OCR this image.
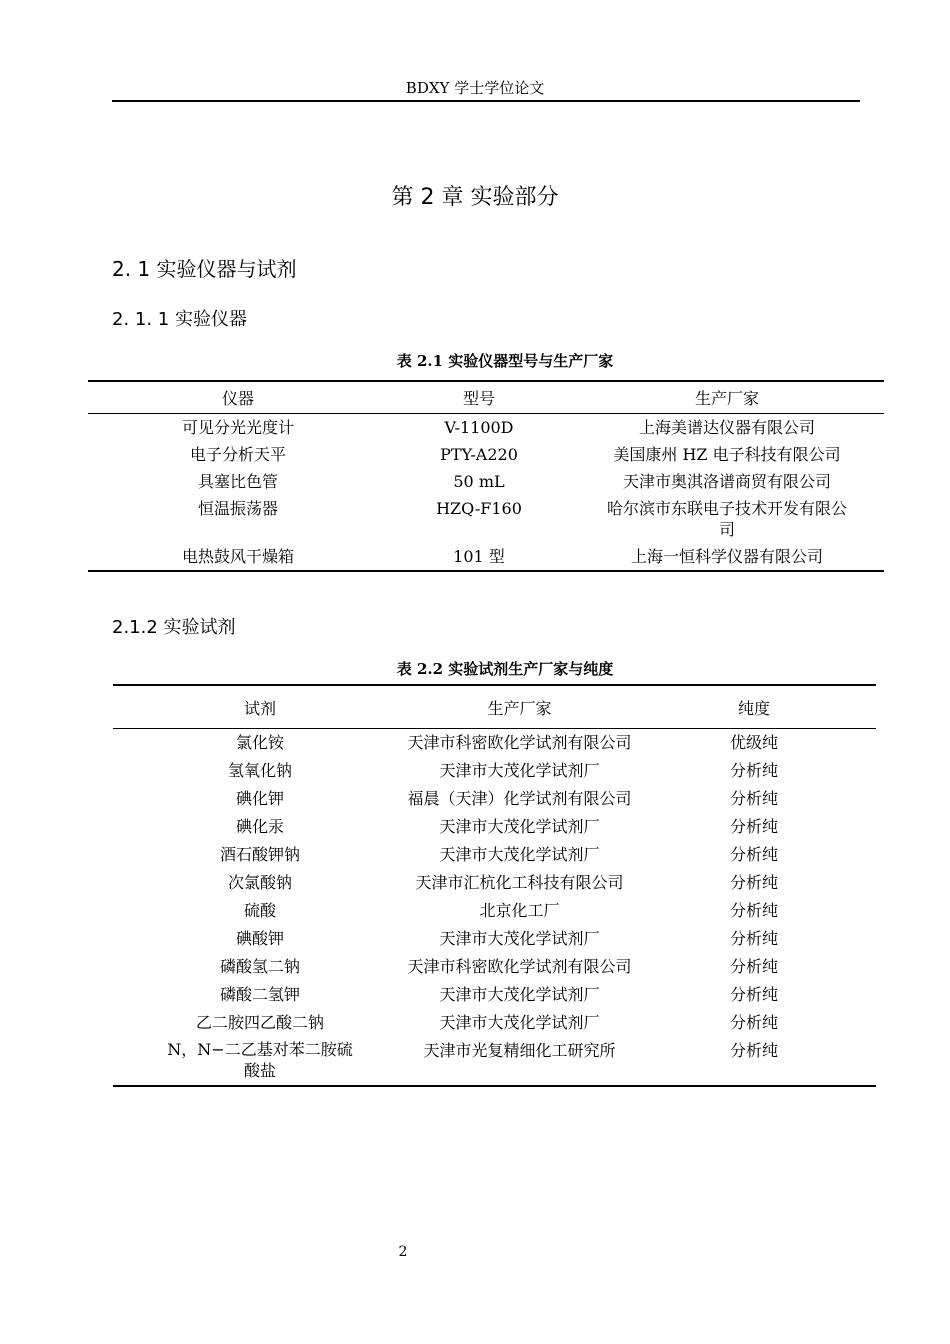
BDXY 学士学位论文
第 2 章 实验部分
2. 1 实验仪器与试剂
2. 1. 1 实验仪器
表 2.1 实验仪器型号与生产厂家
仪器	型号	生产厂家
可见分光光度计	V-1100D	上海美谱达仪器有限公司
电子分析天平	PTY-A220	美国康州 HZ 电子科技有限公司
具塞比色管	50 mL	天津市奥淇洛谱商贸有限公司
恒温振荡器	HZQ-F160	哈尔滨市东联电子技术开发有限公司
电热鼓风干燥箱	101 型	上海一恒科学仪器有限公司
2.1.2 实验试剂
表 2.2 实验试剂生产厂家与纯度
试剂	生产厂家	纯度
氯化铵	天津市科密欧化学试剂有限公司	优级纯
氢氧化钠	天津市大茂化学试剂厂	分析纯
碘化钾	福晨（天津）化学试剂有限公司	分析纯
碘化汞	天津市大茂化学试剂厂	分析纯
酒石酸钾钠	天津市大茂化学试剂厂	分析纯
次氯酸钠	天津市汇杭化工科技有限公司	分析纯
硫酸	北京化工厂	分析纯
碘酸钾	天津市大茂化学试剂厂	分析纯
磷酸氢二钠	天津市科密欧化学试剂有限公司	分析纯
磷酸二氢钾	天津市大茂化学试剂厂	分析纯
乙二胺四乙酸二钠	天津市大茂化学试剂厂	分析纯
N，N−二乙基对苯二胺硫酸盐	天津市光复精细化工研究所	分析纯
2
